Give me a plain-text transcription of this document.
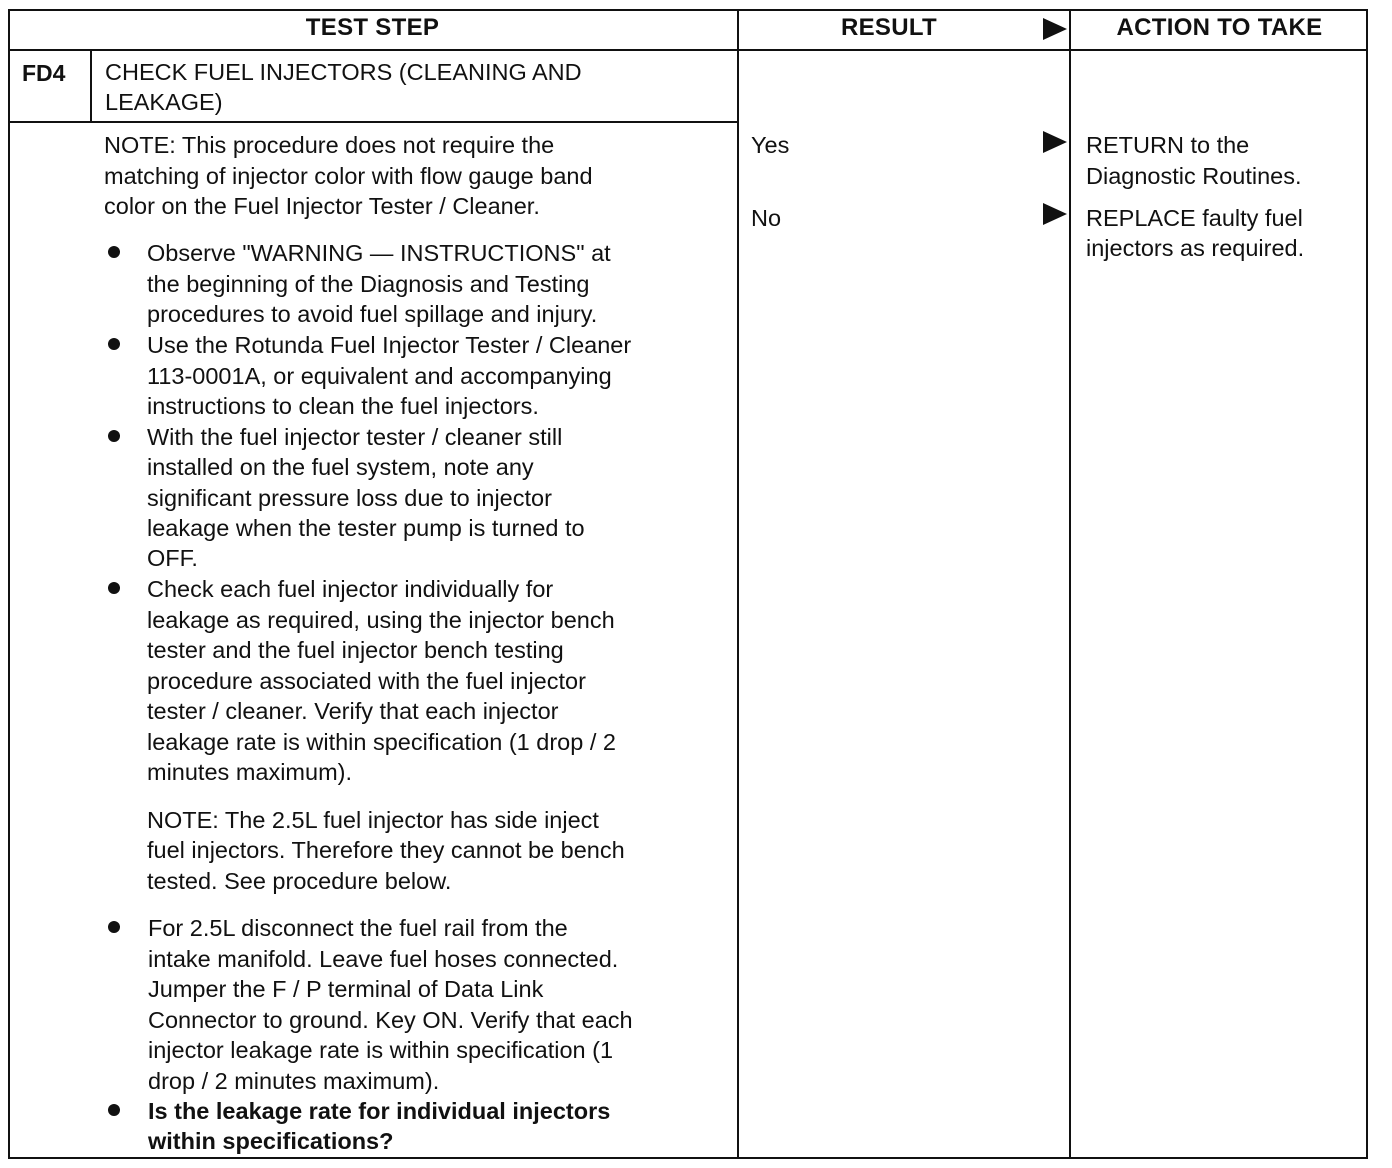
TEST STEP	RESULT	ACTION TO TAKE
FD4 CHECK FUEL INJECTORS (CLEANING AND
LEAKAGE)
NOTE: This procedure does not require the
matching of injector color with flow gauge band
color on the Fuel Injector Tester / Cleaner.
Observe "WARNING — INSTRUCTIONS" at
the beginning of the Diagnosis and Testing
procedures to avoid fuel spillage and injury.
Use the Rotunda Fuel Injector Tester / Cleaner
113-0001A, or equivalent and accompanying
instructions to clean the fuel injectors.
With the fuel injector tester / cleaner still
installed on the fuel system, note any
significant pressure loss due to injector
leakage when the tester pump is turned to
OFF.
Check each fuel injector individually for
leakage as required, using the injector bench
tester and the fuel injector bench testing
procedure associated with the fuel injector
tester / cleaner. Verify that each injector
leakage rate is within specification (1 drop / 2
minutes maximum).
NOTE: The 2.5L fuel injector has side inject
fuel injectors. Therefore they cannot be bench
tested. See procedure below.
For 2.5L disconnect the fuel rail from the
intake manifold. Leave fuel hoses connected.
Jumper the F / P terminal of Data Link
Connector to ground. Key ON. Verify that each
injector leakage rate is within specification (1
drop / 2 minutes maximum).
Is the leakage rate for individual injectors
within specifications?
Yes
No
RETURN to the
Diagnostic Routines.
REPLACE faulty fuel
injectors as required.
